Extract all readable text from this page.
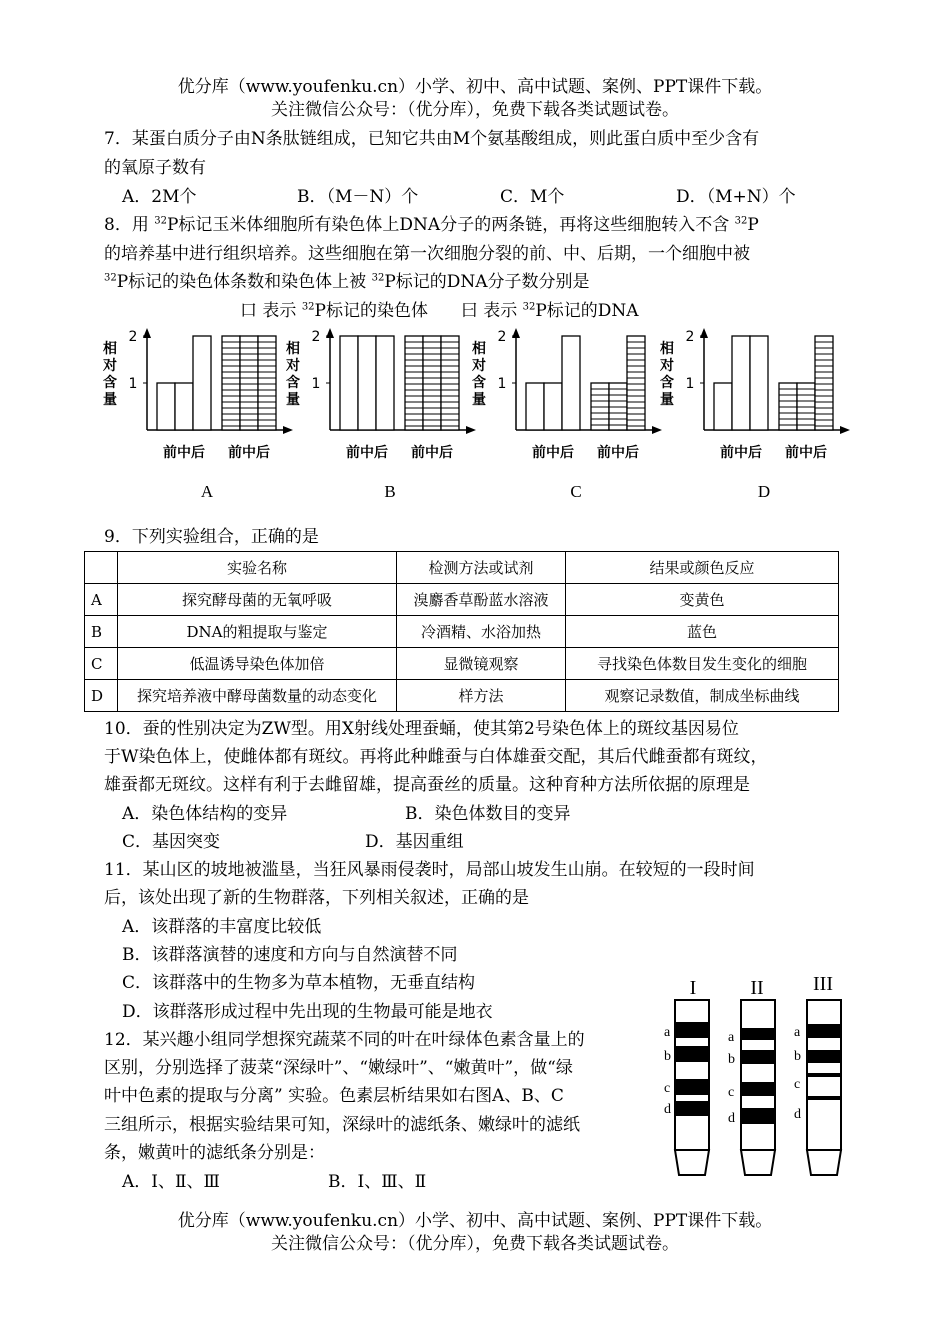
优分库（www.youfenku.cn）小学、初中、高中试题、案例、PPT课件下载。
关注微信公众号：（优分库），免费下载各类试题试卷。
7．某蛋白质分子由N条肽链组成，已知它共由M个氨基酸组成，则此蛋白质中至少含有
的氧原子数有
A．2M个	B．（M－N）个	C．M个	D．（M+N）个
8．用 $^{32}$P标记玉米体细胞所有染色体上DNA分子的两条链，再将这些细胞转入不含 $^{32}$P
的培养基中进行组织培养。这些细胞在第一次细胞分裂的前、中、后期，一个细胞中被
$^{32}$P标记的染色体条数和染色体上被 $^{32}$P标记的DNA分子数分别是
口 表示 $^{32}$P标记的染色体 曰 表示 $^{32}$P标记的DNA
相
对
含
量
1
2
前中后 前中后
A
相
对
含
量
1
2
前中后 前中后
B
相
对
含
量
1
2
前中后 前中后
C
相
对
含
量
1
2
前中后 前中后
D
9．下列实验组合，正确的是
	实验名称	检测方法或试剂	结果或颜色反应
A	探究酵母菌的无氧呼吸	溴麝香草酚蓝水溶液	变黄色
B	DNA的粗提取与鉴定	冷酒精、水浴加热	蓝色
C	低温诱导染色体加倍	显微镜观察	寻找染色体数目发生变化的细胞
D	探究培养液中酵母菌数量的动态变化	样方法	观察记录数值，制成坐标曲线
10．蚕的性别决定为ZW型。用X射线处理蚕蛹，使其第2号染色体上的斑纹基因易位
于W染色体上，使雌体都有斑纹。再将此种雌蚕与白体雄蚕交配，其后代雌蚕都有斑纹，
雄蚕都无斑纹。这样有利于去雌留雄，提高蚕丝的质量。这种育种方法所依据的原理是
A．染色体结构的变异	B．染色体数目的变异
C．基因突变	D．基因重组
11．某山区的坡地被滥垦，当狂风暴雨侵袭时，局部山坡发生山崩。在较短的一段时间
后，该处出现了新的生物群落，下列相关叙述，正确的是
A．该群落的丰富度比较低
B．该群落演替的速度和方向与自然演替不同
C．该群落中的生物多为草本植物，无垂直结构
D．该群落形成过程中先出现的生物最可能是地衣
12．某兴趣小组同学想探究蔬菜不同的叶在叶绿体色素含量上的
区别，分别选择了菠菜“深绿叶”、“嫩绿叶”、“嫩黄叶”，做“绿
叶中色素的提取与分离” 实验。色素层析结果如右图A、B、C
三组所示，根据实验结果可知，深绿叶的滤纸条、嫩绿叶的滤纸
条，嫩黄叶的滤纸条分别是：
A．Ⅰ、Ⅱ、Ⅲ	B．Ⅰ、Ⅲ、Ⅱ
I	II III
a
b
c
d
a
b
c
d
a
b
c
d
优分库（www.youfenku.cn）小学、初中、高中试题、案例、PPT课件下载。
关注微信公众号：（优分库），免费下载各类试题试卷。
